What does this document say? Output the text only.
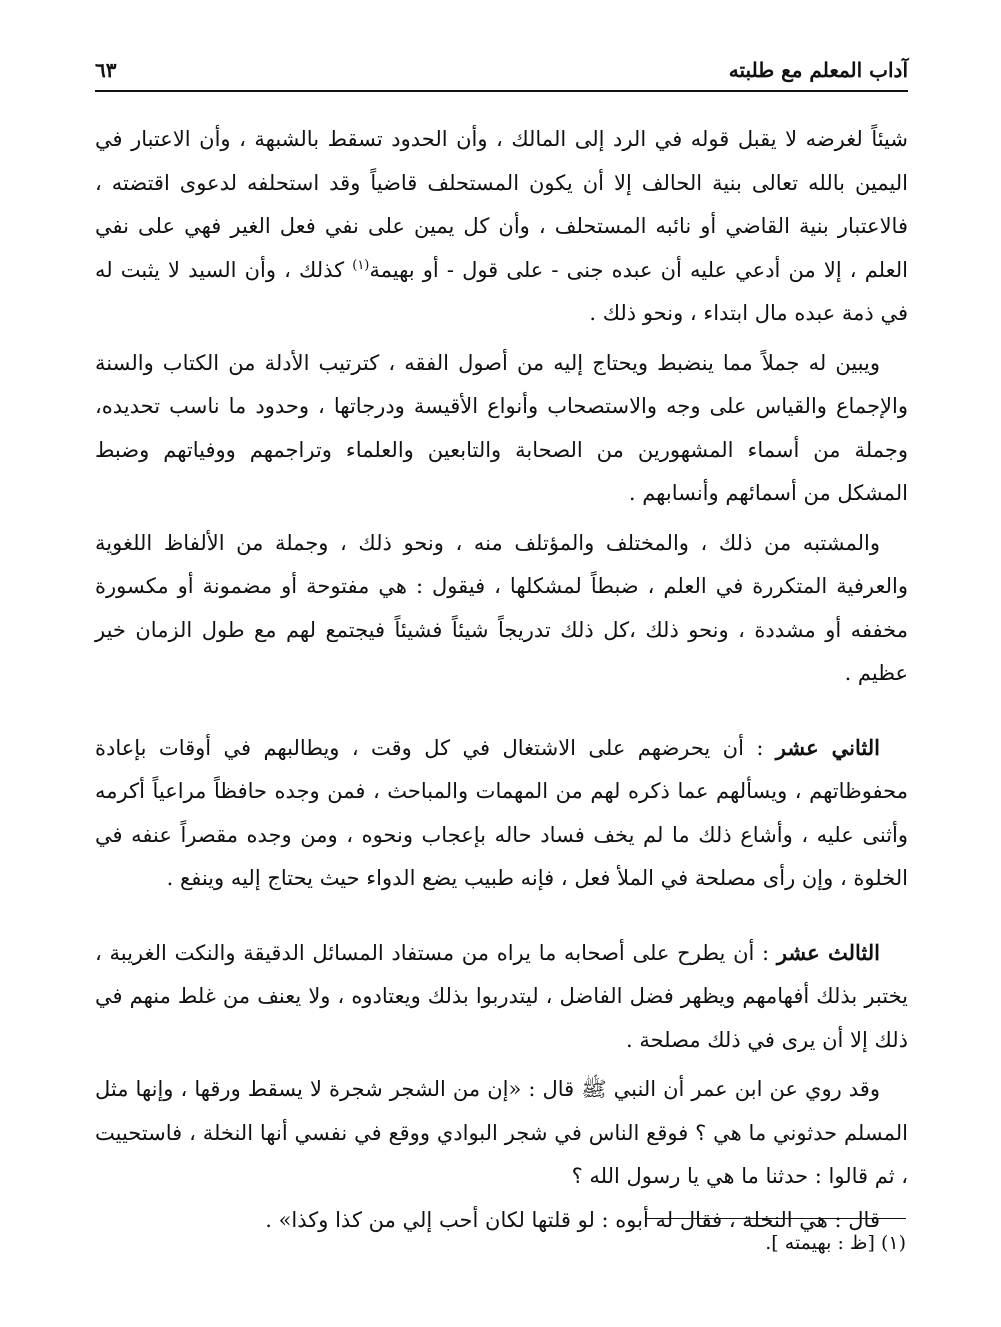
آداب المعلم مع طلبته
٦٣

شيئاً لغرضه لا يقبل قوله في الرد إلى المالك ، وأن الحدود تسقط بالشبهة ، وأن الاعتبار في اليمين بالله تعالى بنية الحالف إلا أن يكون المستحلف قاضياً وقد استحلفه لدعوى اقتضته ، فالاعتبار بنية القاضي أو نائبه المستحلف ، وأن كل يمين على نفي فعل الغير فهي على نفي العلم ، إلا من أدعي عليه أن عبده جنى - على قول - أو بهيمة$^{(١)}$ كذلك ، وأن السيد لا يثبت له في ذمة عبده مال ابتداء ، ونحو ذلك .

ويبين له جملاً مما ينضبط ويحتاج إليه من أصول الفقه ، كترتيب الأدلة من الكتاب والسنة والإجماع والقياس على وجه والاستصحاب وأنواع الأقيسة ودرجاتها ، وحدود ما ناسب تحديده، وجملة من أسماء المشهورين من الصحابة والتابعين والعلماء وتراجمهم ووفياتهم وضبط المشكل من أسمائهم وأنسابهم .

والمشتبه من ذلك ، والمختلف والمؤتلف منه ، ونحو ذلك ، وجملة من الألفاظ اللغوية والعرفية المتكررة في العلم ، ضبطاً لمشكلها ، فيقول : هي مفتوحة أو مضمونة أو مكسورة مخففه أو مشددة ، ونحو ذلك ،كل ذلك تدريجاً شيئاً فشيئاً فيجتمع لهم مع طول الزمان خير عظيم .

الثاني عشر : أن يحرضهم على الاشتغال في كل وقت ، ويطالبهم في أوقات بإعادة محفوظاتهم ، ويسألهم عما ذكره لهم من المهمات والمباحث ، فمن وجده حافظاً مراعياً أكرمه وأثنى عليه ، وأشاع ذلك ما لم يخف فساد حاله بإعجاب ونحوه ، ومن وجده مقصراً عنفه في الخلوة ، وإن رأى مصلحة في الملأ فعل ، فإنه طبيب يضع الدواء حيث يحتاج إليه وينفع .

الثالث عشر : أن يطرح على أصحابه ما يراه من مستفاد المسائل الدقيقة والنكت الغريبة ، يختبر بذلك أفهامهم ويظهر فضل الفاضل ، ليتدربوا بذلك ويعتادوه ، ولا يعنف من غلط منهم في ذلك إلا أن يرى في ذلك مصلحة .

وقد روي عن ابن عمر أن النبي ﷺ قال : «إن من الشجر شجرة لا يسقط ورقها ، وإنها مثل المسلم حدثوني ما هي ؟ فوقع الناس في شجر البوادي ووقع في نفسي أنها النخلة ، فاستحييت ، ثم قالوا : حدثنا ما هي يا رسول الله ؟

قال : هي النخلة ، فقال له أبوه : لو قلتها لكان أحب إلي من كذا وكذا» .

(١) [ظ : بهيمته ].
